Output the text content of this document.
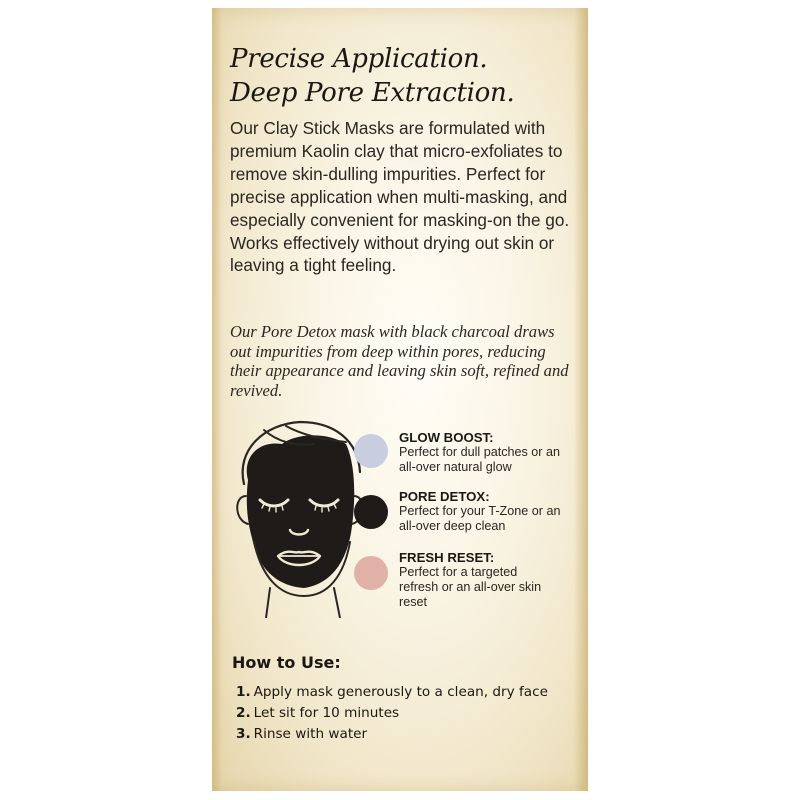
Precise Application.
Deep Pore Extraction.

Our Clay Stick Masks are formulated with premium Kaolin clay that micro-exfoliates to remove skin-dulling impurities. Perfect for precise application when multi-masking, and especially convenient for masking-on the go. Works effectively without drying out skin or leaving a tight feeling.

Our Pore Detox mask with black charcoal draws out impurities from deep within pores, reducing their appearance and leaving skin soft, refined and revived.

GLOW BOOST:
Perfect for dull patches or an all-over natural glow
PORE DETOX:
Perfect for your T-Zone or an all-over deep clean
FRESH RESET:
Perfect for a targeted refresh or an all-over skin reset
How to Use:
1. Apply mask generously to a clean, dry face
2. Let sit for 10 minutes
3. Rinse with water
